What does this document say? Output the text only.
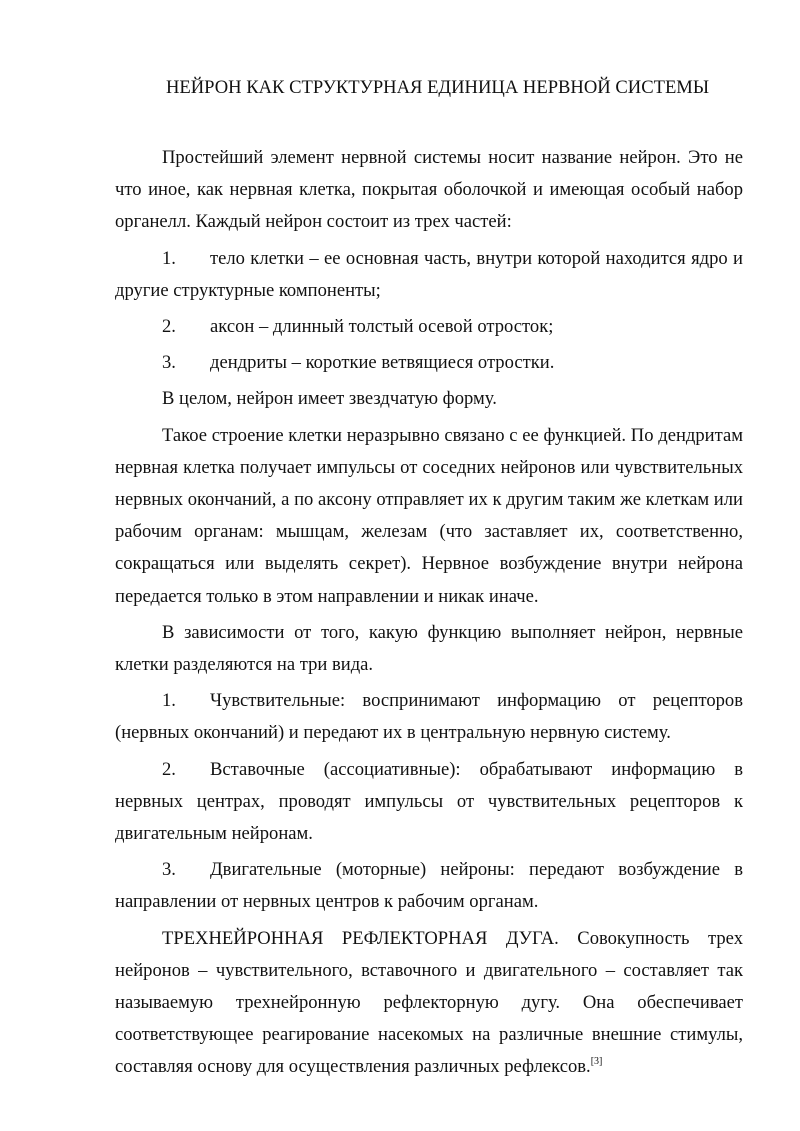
НЕЙРОН КАК СТРУКТУРНАЯ ЕДИНИЦА НЕРВНОЙ СИСТЕМЫ

Простейший элемент нервной системы носит название нейрон. Это не что иное, как нервная клетка, покрытая оболочкой и имеющая особый набор органелл. Каждый нейрон состоит из трех частей:

1. тело клетки – ее основная часть, внутри которой находится ядро и другие структурные компоненты;

2. аксон – длинный толстый осевой отросток;

3. дендриты – короткие ветвящиеся отростки.

В целом, нейрон имеет звездчатую форму.

Такое строение клетки неразрывно связано с ее функцией. По дендритам нервная клетка получает импульсы от соседних нейронов или чувствительных нервных окончаний, а по аксону отправляет их к другим таким же клеткам или рабочим органам: мышцам, железам (что заставляет их, соответственно, сокращаться или выделять секрет). Нервное возбуждение внутри нейрона передается только в этом направлении и никак иначе.

В зависимости от того, какую функцию выполняет нейрон, нервные клетки разделяются на три вида.

1. Чувствительные: воспринимают информацию от рецепторов (нервных окончаний) и передают их в центральную нервную систему.

2. Вставочные (ассоциативные): обрабатывают информацию в нервных центрах, проводят импульсы от чувствительных рецепторов к двигательным нейронам.

3. Двигательные (моторные) нейроны: передают возбуждение в направлении от нервных центров к рабочим органам.

ТРЕХНЕЙРОННАЯ РЕФЛЕКТОРНАЯ ДУГА. Совокупность трех нейронов – чувствительного, вставочного и двигательного – составляет так называемую трехнейронную рефлекторную дугу. Она обеспечивает соответствующее реагирование насекомых на различные внешние стимулы, составляя основу для осуществления различных рефлексов.[3]
